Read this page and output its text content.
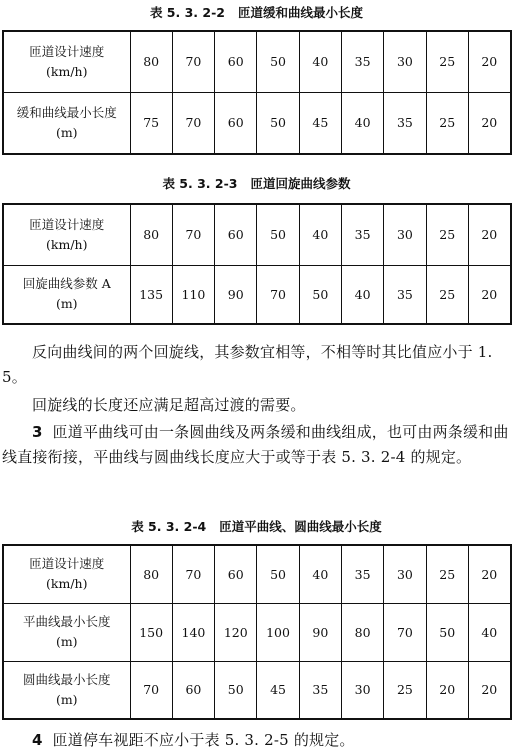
表 5. 3. 2-2 匝道缓和曲线最小长度
匝道设计速度
(km/h)	80	70	60	50	40	35	30	25	20

缓和曲线最小长度
(m)	75	70	60	50	45	40	35	25	20
表 5. 3. 2-3 匝道回旋曲线参数
匝道设计速度
(km/h)	80	70	60	50	40	35	30	25	20

回旋曲线参数 A
(m)	135	110	90	70	50	40	35	25	20

反向曲线间的两个回旋线，其参数宜相等，不相等时其比值应小于 1. 5。

回旋线的长度还应满足超高过渡的需要。

3 匝道平曲线可由一条圆曲线及两条缓和曲线组成，也可由两条缓和曲线直接衔接，平曲线与圆曲线长度应大于或等于表 5. 3. 2-4 的规定。

表 5. 3. 2-4 匝道平曲线、圆曲线最小长度
匝道设计速度
(km/h)	80	70	60	50	40	35	30	25	20

平曲线最小长度
(m)	150	140	120	100	90	80	70	50	40

圆曲线最小长度
(m)	70	60	50	45	35	30	25	20	20

4 匝道停车视距不应小于表 5. 3. 2-5 的规定。
